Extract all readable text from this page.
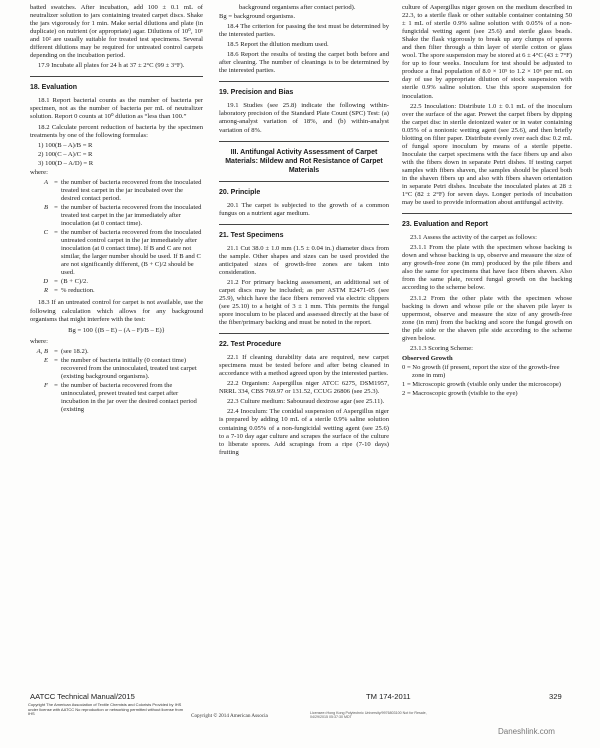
batted swatches. After incubation, add 100 ± 0.1 mL of neutralizer solution to jars containing treated carpet discs. Shake the jars vigorously for 1 min. Make serial dilutions and plate (in duplicate) on nutrient (or appropriate) agar. Dilutions of 10⁰, 10¹ and 10² are usually suitable for treated test specimens. Several different dilutions may be required for untreated control carpets depending on the incubation period.

17.9 Incubate all plates for 24 h at 37 ± 2°C (99 ± 3°F).

18. Evaluation

18.1 Report bacterial counts as the number of bacteria per specimen, not as the number of bacteria per mL of neutralizer solution. Report 0 counts at 10⁰ dilution as “less than 100.”

18.2 Calculate percent reduction of bacteria by the specimen treatments by one of the following formulas:

1) 100(B – A)/B = R
2) 100(C – A)/C = R
3) 100(D – A/D) = R

where:

A = the number of bacteria recovered from the inoculated treated test carpet in the jar incubated over the desired contact period.
B = the number of bacteria recovered from the inoculated treated test carpet in the jar immediately after inoculation (at 0 contact time).
C = the number of bacteria recovered from the inoculated untreated control carpet in the jar immediately after inoculation (at 0 contact time). If B and C are not similar, the larger number should be used. If B and C are not significantly different, (B + C)/2 should be used.
D = (B + C)/2.
R = % reduction.

18.3 If an untreated control for carpet is not available, use the following calculation which allows for any background organisms that might interfere with the test:

Bg = 100 {(B – E) – (A – F)/B – E)}

where:

A, B = (see 18.2).
E = the number of bacteria initially (0 contact time) recovered from the uninoculated, treated test carpet (existing background organisms).
F = the number of bacteria recovered from the uninoculated, prewet treated test carpet after incubation in the jar over the desired contact period (existing

background organisms after contact period).

Bg = background organisms.

18.4 The criterion for passing the test must be determined by the interested parties.

18.5 Report the dilution medium used.

18.6 Report the results of testing the carpet both before and after cleaning. The number of cleanings is to be determined by the interested parties.

19. Precision and Bias

19.1 Studies (see 25.8) indicate the following within-laboratory precision of the Standard Plate Count (SPC) Test: (a) among-analyst variation of 18%, and (b) within-analyst variation of 8%.

III. Antifungal Activity Assessment of Carpet Materials: Mildew and Rot Resistance of Carpet Materials
20. Principle

20.1 The carpet is subjected to the growth of a common fungus on a nutrient agar medium.

21. Test Specimens

21.1 Cut 38.0 ± 1.0 mm (1.5 ± 0.04 in.) diameter discs from the sample. Other shapes and sizes can be used provided the anticipated sizes of growth-free zones are taken into consideration.

21.2 For primary backing assessment, an additional set of carpet discs may be included; as per ASTM E2471-05 (see 25.9), which have the face fibers removed via electric clippers (see 25.10) to a height of 3 ± 1 mm. This permits the fungal spore inoculum to be placed and assessed directly at the base of the fiber/primary backing and must be noted in the report.

22. Test Procedure

22.1 If cleaning durability data are required, new carpet specimens must be tested before and after being cleaned in accordance with a method agreed upon by the interested parties.

22.2 Organism: Aspergillus niger ATCC 6275, DSM1957, NRRL 334, CBS 769.97 or 131.52, CCUG 26806 (see 25.3).

22.3 Culture medium: Sabouraud dextrose agar (see 25.11).

22.4 Inoculum: The conidial suspension of Aspergillus niger is prepared by adding 10 mL of a sterile 0.9% saline solution containing 0.05% of a non-fungicidal wetting agent (see 25.6) to a 7-10 day agar culture and scrapes the surface of the culture to liberate spores. Add scrapings from a ripe (7-10 days) fruiting

culture of Aspergillus niger grown on the medium described in 22.3, to a sterile flask or other suitable container containing 50 ± 1 mL of sterile 0.9% saline solution with 0.05% of a non-fungicidal wetting agent (see 25.6) and sterile glass beads. Shake the flask vigorously to break up any clumps of spores and then filter through a thin layer of sterile cotton or glass wool. The spore suspension may be stored at 6 ± 4°C (43 ± 7°F) for up to four weeks. Inoculum for test should be adjusted to produce a final population of 8.0 × 10⁵ to 1.2 × 10⁶ per mL on day of use by appropriate dilution of stock suspension with sterile 0.9% saline solution. Use this spore suspension for inoculation.

22.5 Inoculation: Distribute 1.0 ± 0.1 mL of the inoculum over the surface of the agar. Prewet the carpet fibers by dipping the carpet disc in sterile deionized water or in water containing 0.05% of a nonionic wetting agent (see 25.6), and then briefly blotting on filter paper. Distribute evenly over each disc 0.2 mL of fungal spore inoculum by means of a sterile pipette. Inoculate the carpet specimens with the face fibers up and also with the fibers down in separate Petri dishes. If testing carpet samples with fibers shaven, the samples should be placed both in the shaven fibers up and also with fibers shaven orientation in separate Petri dishes. Incubate the inoculated plates at 28 ± 1°C (82 ± 2°F) for seven days. Longer periods of incubation may be used to provide information about antifungal activity.

23. Evaluation and Report

23.1 Assess the activity of the carpet as follows:

23.1.1 From the plate with the specimen whose backing is down and whose backing is up, observe and measure the size of any growth-free zone (in mm) produced by the pile fibers and also the same for specimens that have face fibers shaven. Also from the same plate, record fungal growth on the backing according to the scheme below.

23.1.2 From the other plate with the specimen whose backing is down and whose pile or the shaven pile layer is uppermost, observe and measure the size of any growth-free zone (in mm) from the backing and score the fungal growth on the pile side or the shaven pile side according to the scheme given below.

23.1.3 Scoring Scheme:

Observed Growth

0 = No growth (if present, report the size of the growth-free zone in mm)

1 = Microscopic growth (visible only under the microscope)

2 = Macroscopic growth (visible to the eye)

AATCC Technical Manual/2015	TM 174-2011	329
Copyright The American Association of Textile Chemists and Colorists Provided by IHS under license with AATCC No reproduction or networking permitted without license from IHS	Copyright © 2014 American Associa	Licensee=Hong Kong Polytechnic University/9976803100 Not for Resale, 04/29/2015 05:37:30 MDT
Daneshlink.com
